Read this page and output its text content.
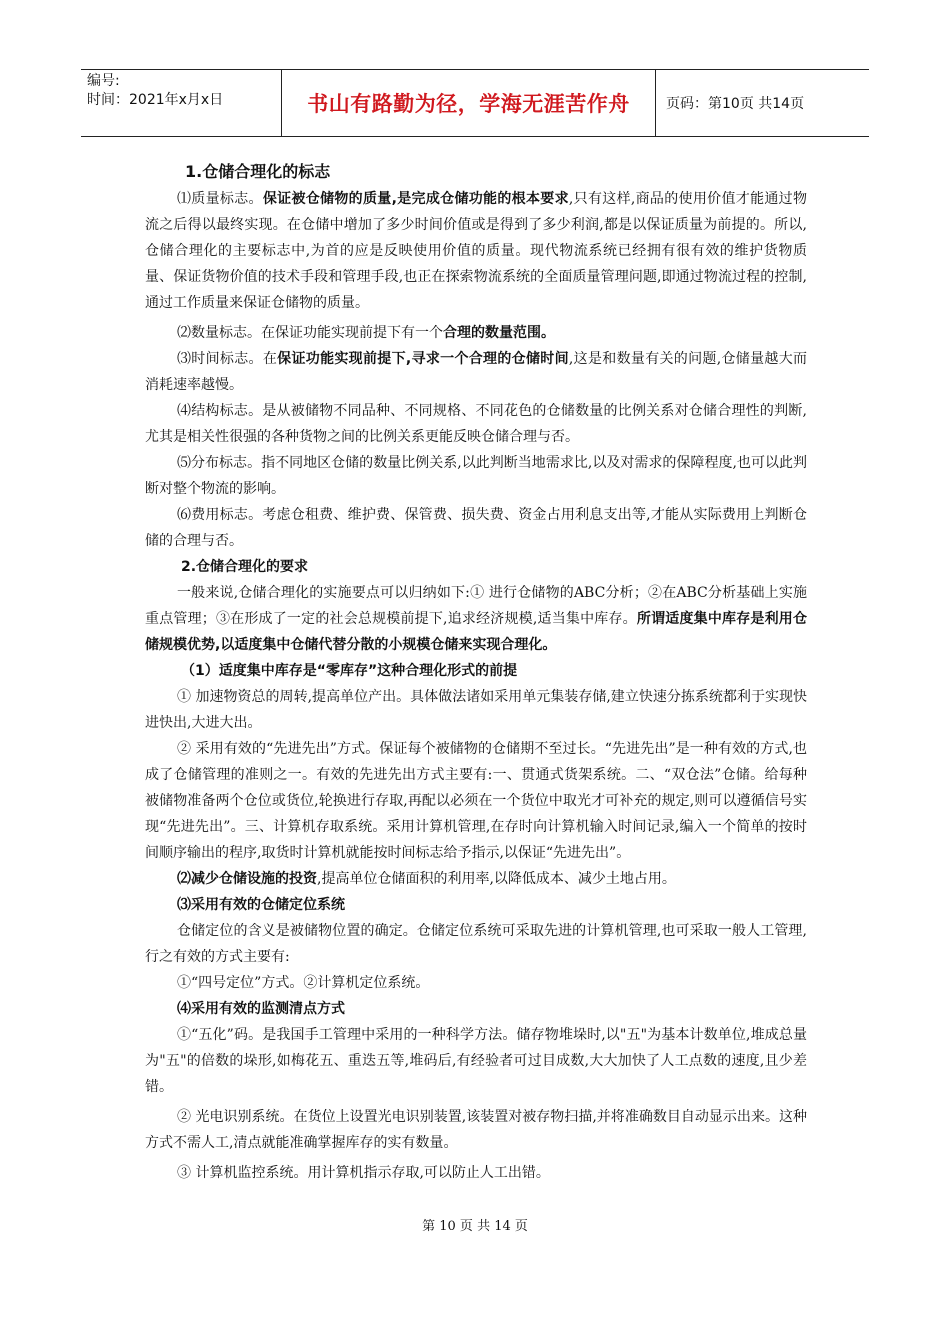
编号:
时间：2021年x月x日	书山有路勤为径，学海无涯苦作舟	页码：第10页 共14页

1.仓储合理化的标志

⑴质量标志。保证被仓储物的质量,是完成仓储功能的根本要求,只有这样,商品的使用价值才能通过物流之后得以最终实现。在仓储中增加了多少时间价值或是得到了多少利润,都是以保证质量为前提的。所以,仓储合理化的主要标志中,为首的应是反映使用价值的质量。现代物流系统已经拥有很有效的维护货物质量、保证货物价值的技术手段和管理手段,也正在探索物流系统的全面质量管理问题,即通过物流过程的控制,通过工作质量来保证仓储物的质量。

⑵数量标志。在保证功能实现前提下有一个合理的数量范围。

⑶时间标志。在保证功能实现前提下,寻求一个合理的仓储时间,这是和数量有关的问题,仓储量越大而消耗速率越慢。

⑷结构标志。是从被储物不同品种、不同规格、不同花色的仓储数量的比例关系对仓储合理性的判断,尤其是相关性很强的各种货物之间的比例关系更能反映仓储合理与否。

⑸分布标志。指不同地区仓储的数量比例关系,以此判断当地需求比,以及对需求的保障程度,也可以此判断对整个物流的影响。

⑹费用标志。考虑仓租费、维护费、保管费、损失费、资金占用利息支出等,才能从实际费用上判断仓储的合理与否。

2.仓储合理化的要求

一般来说,仓储合理化的实施要点可以归纳如下:① 进行仓储物的ABC分析；②在ABC分析基础上实施重点管理；③在形成了一定的社会总规模前提下,追求经济规模,适当集中库存。所谓适度集中库存是利用仓储规模优势,以适度集中仓储代替分散的小规模仓储来实现合理化。

（1）适度集中库存是“零库存”这种合理化形式的前提

① 加速物资总的周转,提高单位产出。具体做法诸如采用单元集装存储,建立快速分拣系统都利于实现快进快出,大进大出。

② 采用有效的“先进先出”方式。保证每个被储物的仓储期不至过长。“先进先出”是一种有效的方式,也成了仓储管理的准则之一。有效的先进先出方式主要有:一、贯通式货架系统。二、“双仓法”仓储。给每种被储物准备两个仓位或货位,轮换进行存取,再配以必须在一个货位中取光才可补充的规定,则可以遵循信号实现“先进先出”。三、计算机存取系统。采用计算机管理,在存时向计算机输入时间记录,编入一个简单的按时间顺序输出的程序,取货时计算机就能按时间标志给予指示,以保证“先进先出”。

⑵减少仓储设施的投资,提高单位仓储面积的利用率,以降低成本、减少土地占用。

⑶采用有效的仓储定位系统

仓储定位的含义是被储物位置的确定。仓储定位系统可采取先进的计算机管理,也可采取一般人工管理,行之有效的方式主要有:

①“四号定位”方式。②计算机定位系统。

⑷采用有效的监测清点方式

①“五化”码。是我国手工管理中采用的一种科学方法。储存物堆垛时,以"五"为基本计数单位,堆成总量为"五"的倍数的垛形,如梅花五、重迭五等,堆码后,有经验者可过目成数,大大加快了人工点数的速度,且少差错。

② 光电识别系统。在货位上设置光电识别装置,该装置对被存物扫描,并将准确数目自动显示出来。这种方式不需人工,清点就能准确掌握库存的实有数量。

③ 计算机监控系统。用计算机指示存取,可以防止人工出错。

第 10 页 共 14 页
